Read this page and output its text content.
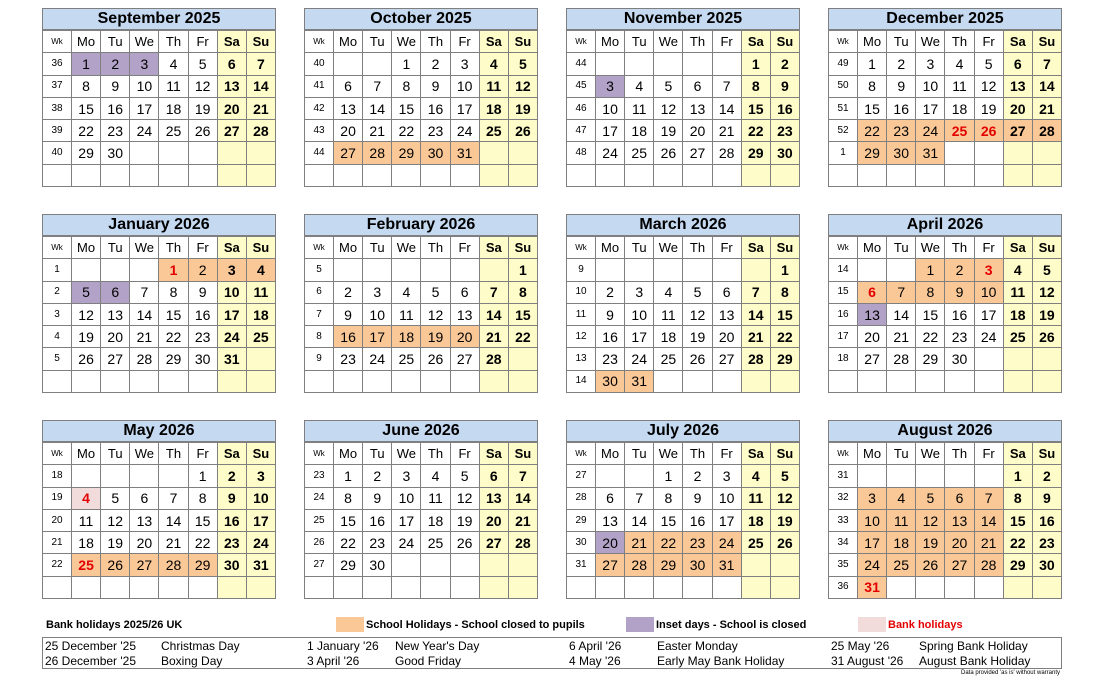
September 2025
Wk	Mo	Tu	We	Th	Fr	Sa	Su
36	1	2	3	4	5	6	7
37	8	9	10	11	12	13	14
38	15	16	17	18	19	20	21
39	22	23	24	25	26	27	28
40	29	30					

October 2025
Wk	Mo	Tu	We	Th	Fr	Sa	Su
40			1	2	3	4	5
41	6	7	8	9	10	11	12
42	13	14	15	16	17	18	19
43	20	21	22	23	24	25	26
44	27	28	29	30	31		

November 2025
Wk	Mo	Tu	We	Th	Fr	Sa	Su
44						1	2
45	3	4	5	6	7	8	9
46	10	11	12	13	14	15	16
47	17	18	19	20	21	22	23
48	24	25	26	27	28	29	30

December 2025
Wk	Mo	Tu	We	Th	Fr	Sa	Su
49	1	2	3	4	5	6	7
50	8	9	10	11	12	13	14
51	15	16	17	18	19	20	21
52	22	23	24	25	26	27	28
1	29	30	31				

January 2026
Wk	Mo	Tu	We	Th	Fr	Sa	Su
1				1	2	3	4
2	5	6	7	8	9	10	11
3	12	13	14	15	16	17	18
4	19	20	21	22	23	24	25
5	26	27	28	29	30	31	

February 2026
Wk	Mo	Tu	We	Th	Fr	Sa	Su
5							1
6	2	3	4	5	6	7	8
7	9	10	11	12	13	14	15
8	16	17	18	19	20	21	22
9	23	24	25	26	27	28	

March 2026
Wk	Mo	Tu	We	Th	Fr	Sa	Su
9							1
10	2	3	4	5	6	7	8
11	9	10	11	12	13	14	15
12	16	17	18	19	20	21	22
13	23	24	25	26	27	28	29
14	30	31					
April 2026
Wk	Mo	Tu	We	Th	Fr	Sa	Su
14			1	2	3	4	5
15	6	7	8	9	10	11	12
16	13	14	15	16	17	18	19
17	20	21	22	23	24	25	26
18	27	28	29	30			

May 2026
Wk	Mo	Tu	We	Th	Fr	Sa	Su
18					1	2	3
19	4	5	6	7	8	9	10
20	11	12	13	14	15	16	17
21	18	19	20	21	22	23	24
22	25	26	27	28	29	30	31

June 2026
Wk	Mo	Tu	We	Th	Fr	Sa	Su
23	1	2	3	4	5	6	7
24	8	9	10	11	12	13	14
25	15	16	17	18	19	20	21
26	22	23	24	25	26	27	28
27	29	30					

July 2026
Wk	Mo	Tu	We	Th	Fr	Sa	Su
27			1	2	3	4	5
28	6	7	8	9	10	11	12
29	13	14	15	16	17	18	19
30	20	21	22	23	24	25	26
31	27	28	29	30	31		

August 2026
Wk	Mo	Tu	We	Th	Fr	Sa	Su
31						1	2
32	3	4	5	6	7	8	9
33	10	11	12	13	14	15	16
34	17	18	19	20	21	22	23
35	24	25	26	27	28	29	30
36	31						
Bank holidays 2025/26 UK	School Holidays - School closed to pupils	Inset days - School is closed	Bank holidays
25 December '25 Christmas Day
26 December '25 Boxing Day
1 January '26 New Year's Day
3 April '26	Good Friday
6 April '26	Easter Monday
4 May '26	Early May Bank Holiday
25 May '26 Spring Bank Holiday
31 August '26 August Bank Holiday
Data provided 'as is' without warranty
